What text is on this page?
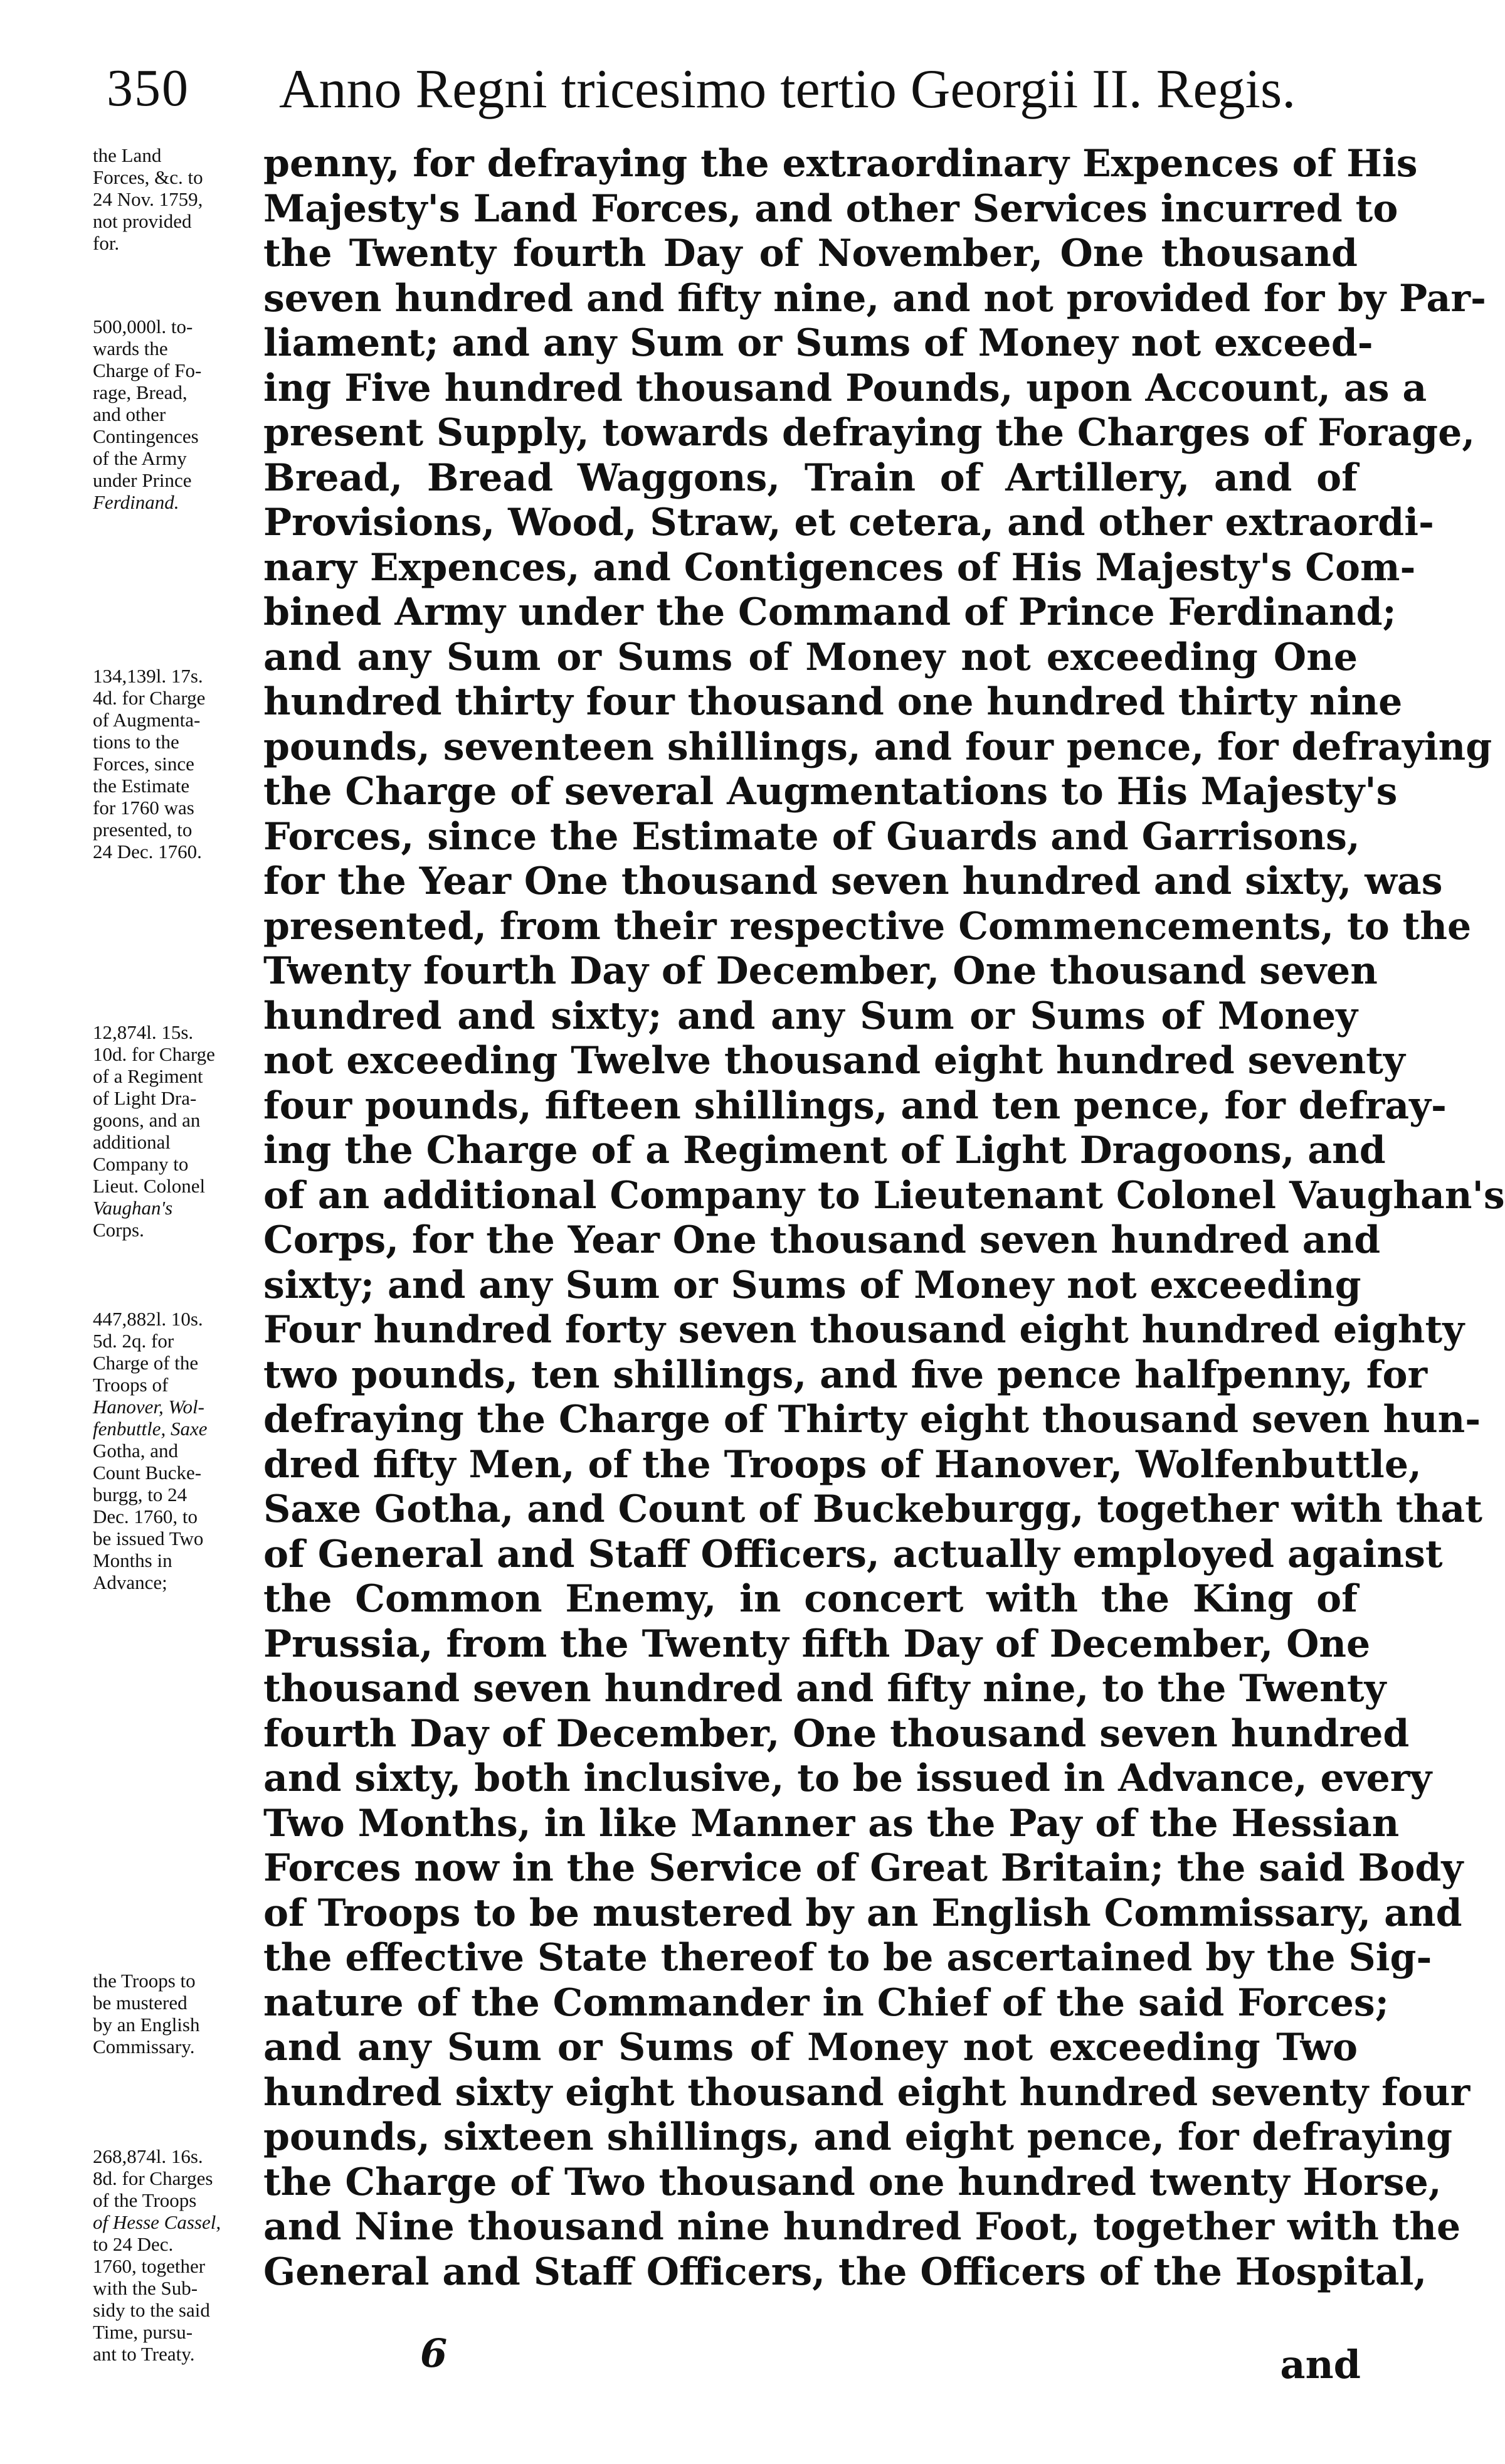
350 Anno Regni tricesimo tertio Georgii II. Regis.
the Land
Forces, &c. to
24 Nov. 1759,
not provided
for.
500,000l. to-
wards the
Charge of Fo-
rage, Bread,
and other
Contingences
of the Army
under Prince
Ferdinand.
134,139l. 17s.
4d. for Charge
of Augmenta-
tions to the
Forces, since
the Estimate
for 1760 was
presented, to
24 Dec. 1760.
12,874l. 15s.
10d. for Charge
of a Regiment
of Light Dra-
goons, and an
additional
Company to
Lieut. Colonel
Vaughan's
Corps.
447,882l. 10s.
5d. 2q. for
Charge of the
Troops of
Hanover, Wol-
fenbuttle, Saxe
Gotha, and
Count Bucke-
burgg, to 24
Dec. 1760, to
be issued Two
Months in
Advance;
the Troops to
be mustered
by an English
Commissary.
268,874l. 16s.
8d. for Charges
of the Troops
of Hesse Cassel,
to 24 Dec.
1760, together
with the Sub-
sidy to the said
Time, pursu-
ant to Treaty.
penny, for defraying the extraordinary Expences of His
Majesty's Land Forces, and other Services incurred to
the Twenty fourth Day of November, One thousand
seven hundred and fifty nine, and not provided for by Par-
liament; and any Sum or Sums of Money not exceed-
ing Five hundred thousand Pounds, upon Account, as a
present Supply, towards defraying the Charges of Forage,
Bread, Bread Waggons, Train of Artillery, and of
Provisions, Wood, Straw, et cetera, and other extraordi-
nary Expences, and Contigences of His Majesty's Com-
bined Army under the Command of Prince Ferdinand;
and any Sum or Sums of Money not exceeding One
hundred thirty four thousand one hundred thirty nine
pounds, seventeen shillings, and four pence, for defraying
the Charge of several Augmentations to His Majesty's
Forces, since the Estimate of Guards and Garrisons,
for the Year One thousand seven hundred and sixty, was
presented, from their respective Commencements, to the
Twenty fourth Day of December, One thousand seven
hundred and sixty; and any Sum or Sums of Money
not exceeding Twelve thousand eight hundred seventy
four pounds, fifteen shillings, and ten pence, for defray-
ing the Charge of a Regiment of Light Dragoons, and
of an additional Company to Lieutenant Colonel Vaughan's
Corps, for the Year One thousand seven hundred and
sixty; and any Sum or Sums of Money not exceeding
Four hundred forty seven thousand eight hundred eighty
two pounds, ten shillings, and five pence halfpenny, for
defraying the Charge of Thirty eight thousand seven hun-
dred fifty Men, of the Troops of Hanover, Wolfenbuttle,
Saxe Gotha, and Count of Buckeburgg, together with that
of General and Staff Officers, actually employed against
the Common Enemy, in concert with the King of
Prussia, from the Twenty fifth Day of December, One
thousand seven hundred and fifty nine, to the Twenty
fourth Day of December, One thousand seven hundred
and sixty, both inclusive, to be issued in Advance, every
Two Months, in like Manner as the Pay of the Hessian
Forces now in the Service of Great Britain; the said Body
of Troops to be mustered by an English Commissary, and
the effective State thereof to be ascertained by the Sig-
nature of the Commander in Chief of the said Forces;
and any Sum or Sums of Money not exceeding Two
hundred sixty eight thousand eight hundred seventy four
pounds, sixteen shillings, and eight pence, for defraying
the Charge of Two thousand one hundred twenty Horse,
and Nine thousand nine hundred Foot, together with the
General and Staff Officers, the Officers of the Hospital,
6	and
